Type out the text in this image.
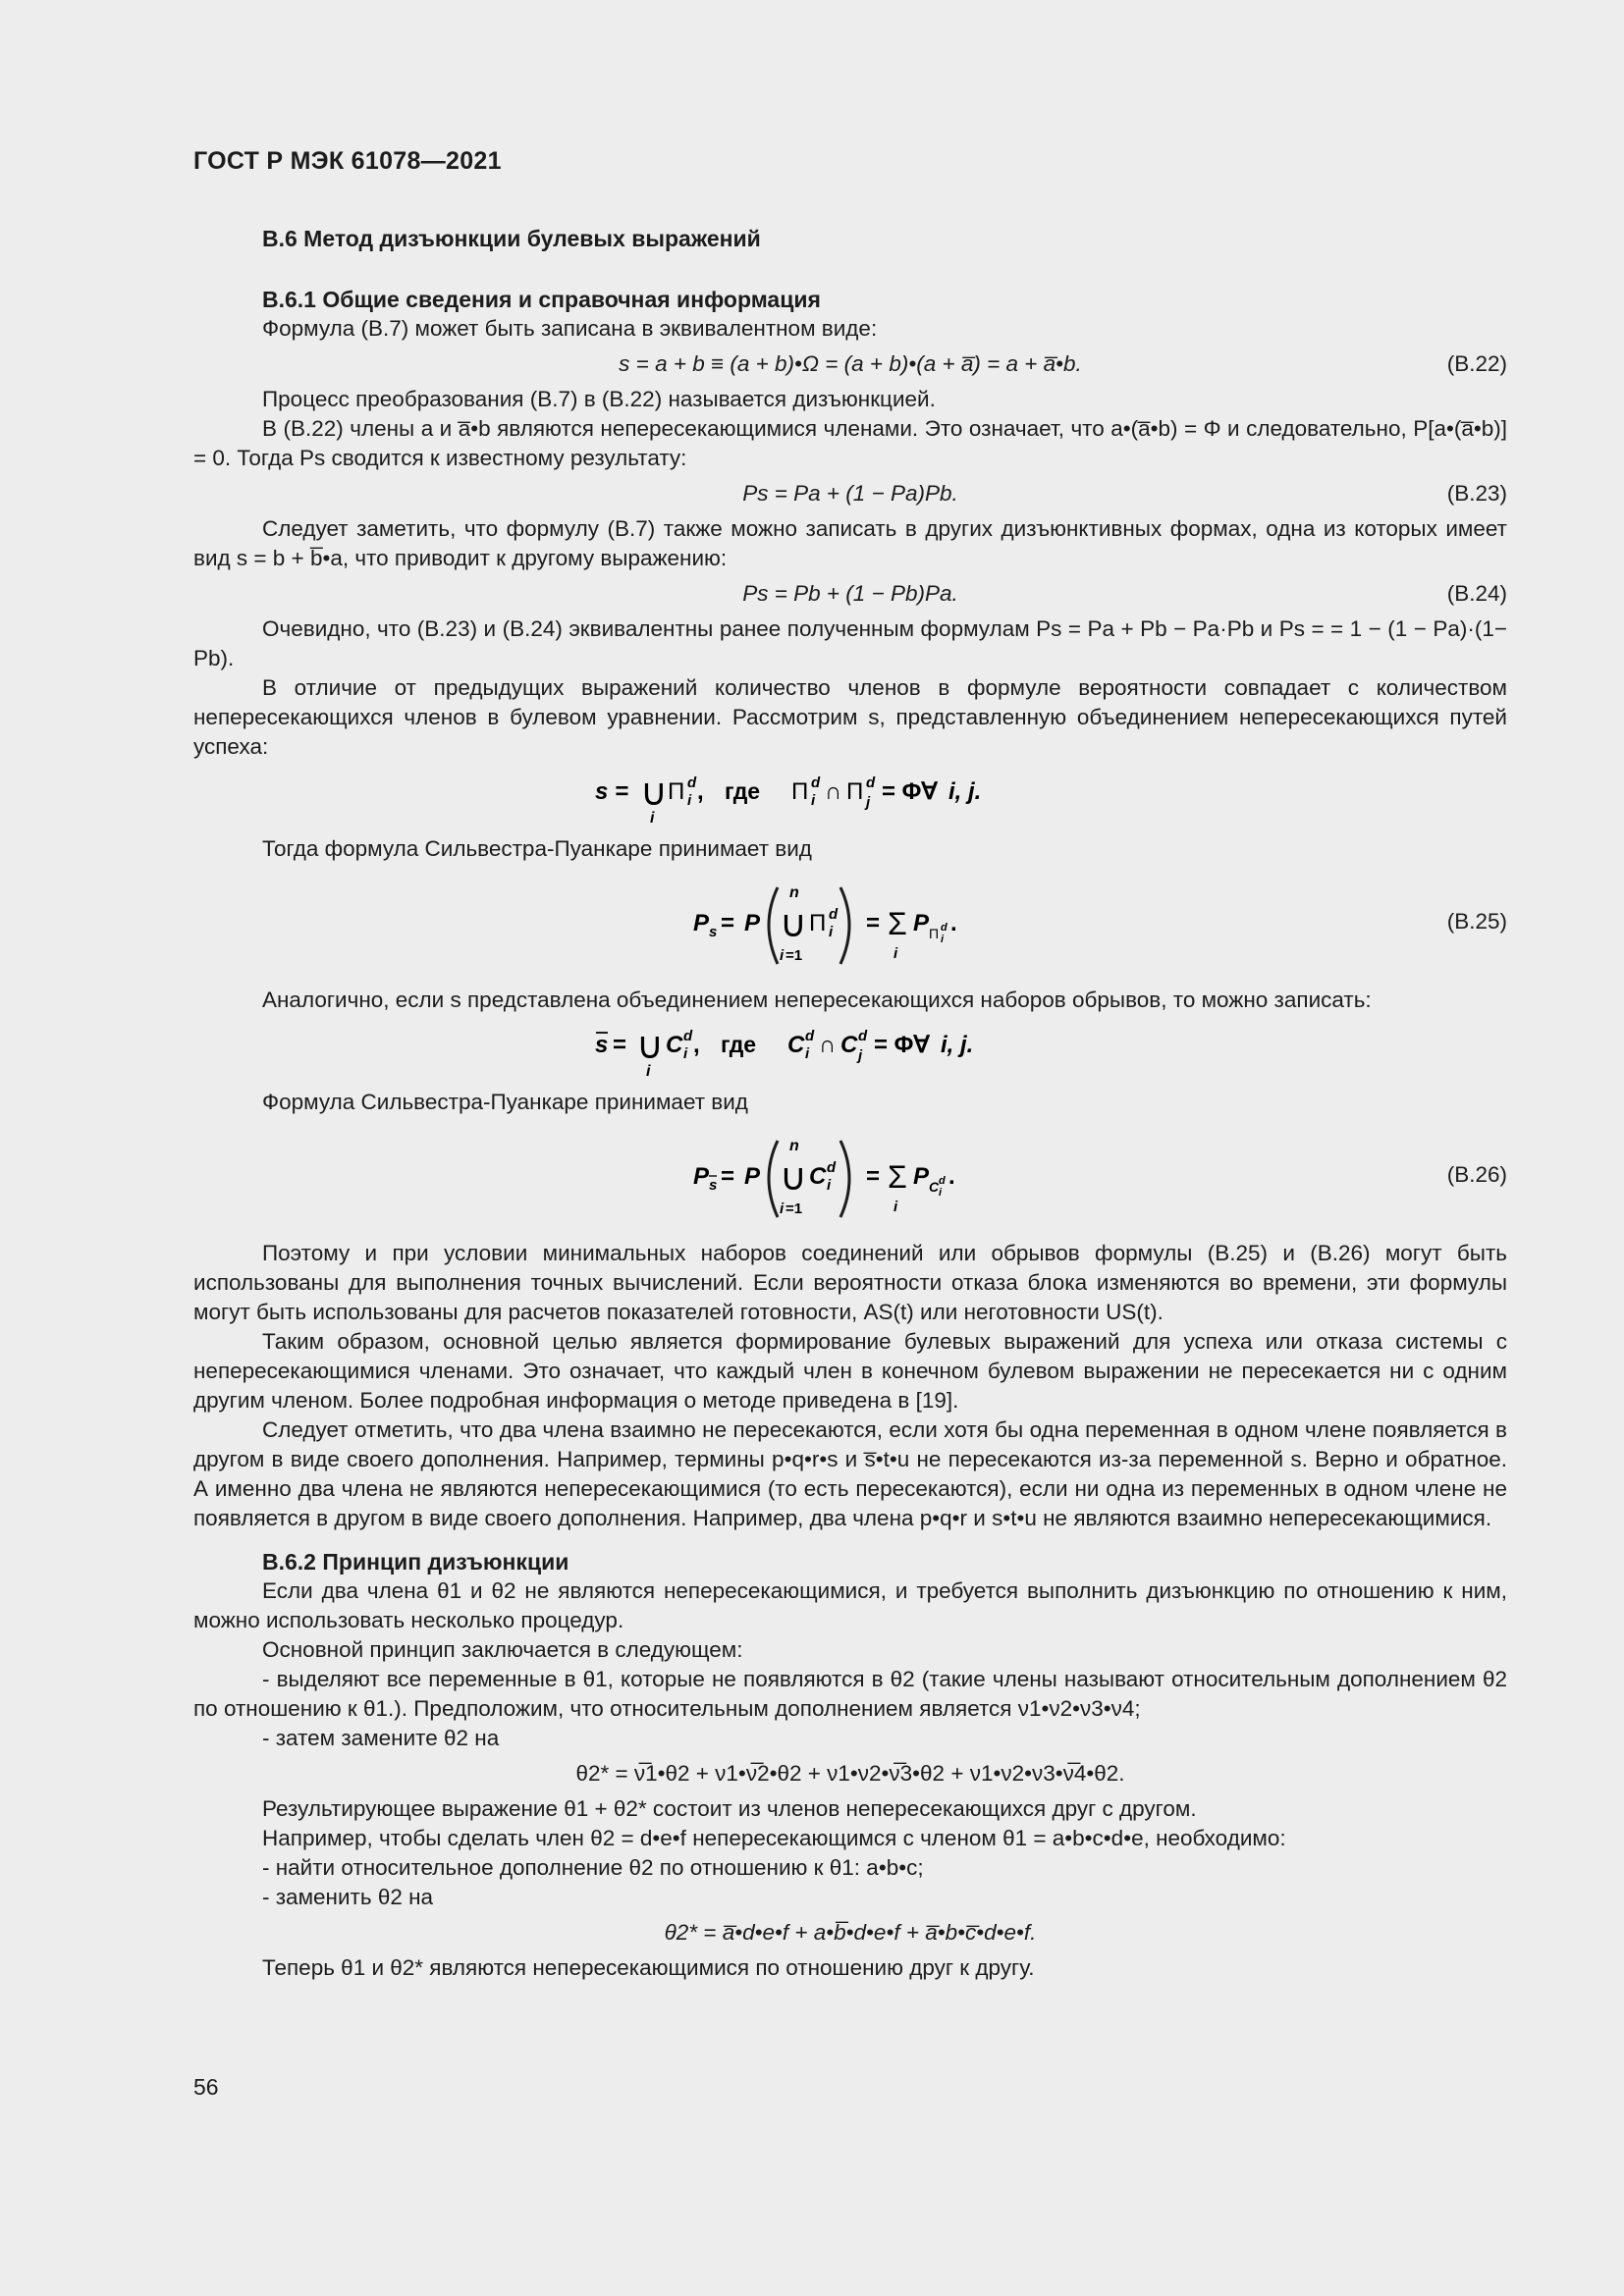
ГОСТ Р МЭК 61078—2021
В.6 Метод дизъюнкции булевых выражений
В.6.1 Общие сведения и справочная информация

Формула (В.7) может быть записана в эквивалентном виде:

s = a + b ≡ (a + b)•Ω = (a + b)•(a + a̅) = a + a̅•b.	(В.22)

Процесс преобразования (В.7) в (В.22) называется дизъюнкцией.

В (В.22) члены a и a̅•b являются непересекающимися членами. Это означает, что a•(a̅•b) = Φ и следовательно, P[a•(a̅•b)] = 0. Тогда Ps сводится к известному результату:

Ps = Pa + (1 − Pa)Pb.	(В.23)

Следует заметить, что формулу (В.7) также можно записать в других дизъюнктивных формах, одна из которых имеет вид s = b + b̅•a, что приводит к другому выражению:

Ps = Pb + (1 − Pb)Pa.	(В.24)

Очевидно, что (В.23) и (В.24) эквивалентны ранее полученным формулам Ps = Pa + Pb − Pa·Pb и Ps = = 1 − (1 − Pa)·(1− Pb).

В отличие от предыдущих выражений количество членов в формуле вероятности совпадает с количеством непересекающихся членов в булевом уравнении. Рассмотрим s, представленную объединением непересекающихся путей успеха:

s = ∪
i
Π d
i , где Π d
i ∩ Π d
j = Φ∀ i, j.

Тогда формула Сильвестра-Пуанкаре принимает вид

P s = P
n
∪
i =1
Π d
i = Σ
i
P Π d
i
.	(В.25)

Аналогично, если s представлена объединением непересекающихся наборов обрывов, то можно записать:

s = ∪
i
C d
i , где C d
i ∩ C d
j = Φ∀ i, j.

Формула Сильвестра-Пуанкаре принимает вид

P s = P
n
∪
i =1
C d
i = Σ
i
P C d
i
.	(В.26)

Поэтому и при условии минимальных наборов соединений или обрывов формулы (В.25) и (В.26) могут быть использованы для выполнения точных вычислений. Если вероятности отказа блока изменяются во времени, эти формулы могут быть использованы для расчетов показателей готовности, AS(t) или неготовности US(t).

Таким образом, основной целью является формирование булевых выражений для успеха или отказа системы с непересекающимися членами. Это означает, что каждый член в конечном булевом выражении не пересекается ни с одним другим членом. Более подробная информация о методе приведена в [19].

Следует отметить, что два члена взаимно не пересекаются, если хотя бы одна переменная в одном члене появляется в другом в виде своего дополнения. Например, термины p•q•r•s и s̅•t•u не пересекаются из-за переменной s. Верно и обратное. А именно два члена не являются непересекающимися (то есть пересекаются), если ни одна из переменных в одном члене не появляется в другом в виде своего дополнения. Например, два члена p•q•r и s•t•u не являются взаимно непересекающимися.

В.6.2 Принцип дизъюнкции

Если два члена θ1 и θ2 не являются непересекающимися, и требуется выполнить дизъюнкцию по отношению к ним, можно использовать несколько процедур.

Основной принцип заключается в следующем:

- выделяют все переменные в θ1, которые не появляются в θ2 (такие члены называют относительным дополнением θ2 по отношению к θ1.). Предположим, что относительным дополнением является ν1•ν2•ν3•ν4;

- затем замените θ2 на

θ2* = ν̅1•θ2 + ν1•ν̅2•θ2 + ν1•ν2•ν̅3•θ2 + ν1•ν2•ν3•ν̅4•θ2.

Результирующее выражение θ1 + θ2* состоит из членов непересекающихся друг с другом.

Например, чтобы сделать член θ2 = d•e•f непересекающимся с членом θ1 = a•b•c•d•e, необходимо:

- найти относительное дополнение θ2 по отношению к θ1: a•b•c;

- заменить θ2 на

θ2* = a̅•d•e•f + a•b̅•d•e•f + a̅•b•c̅•d•e•f.

Теперь θ1 и θ2* являются непересекающимися по отношению друг к другу.

56
